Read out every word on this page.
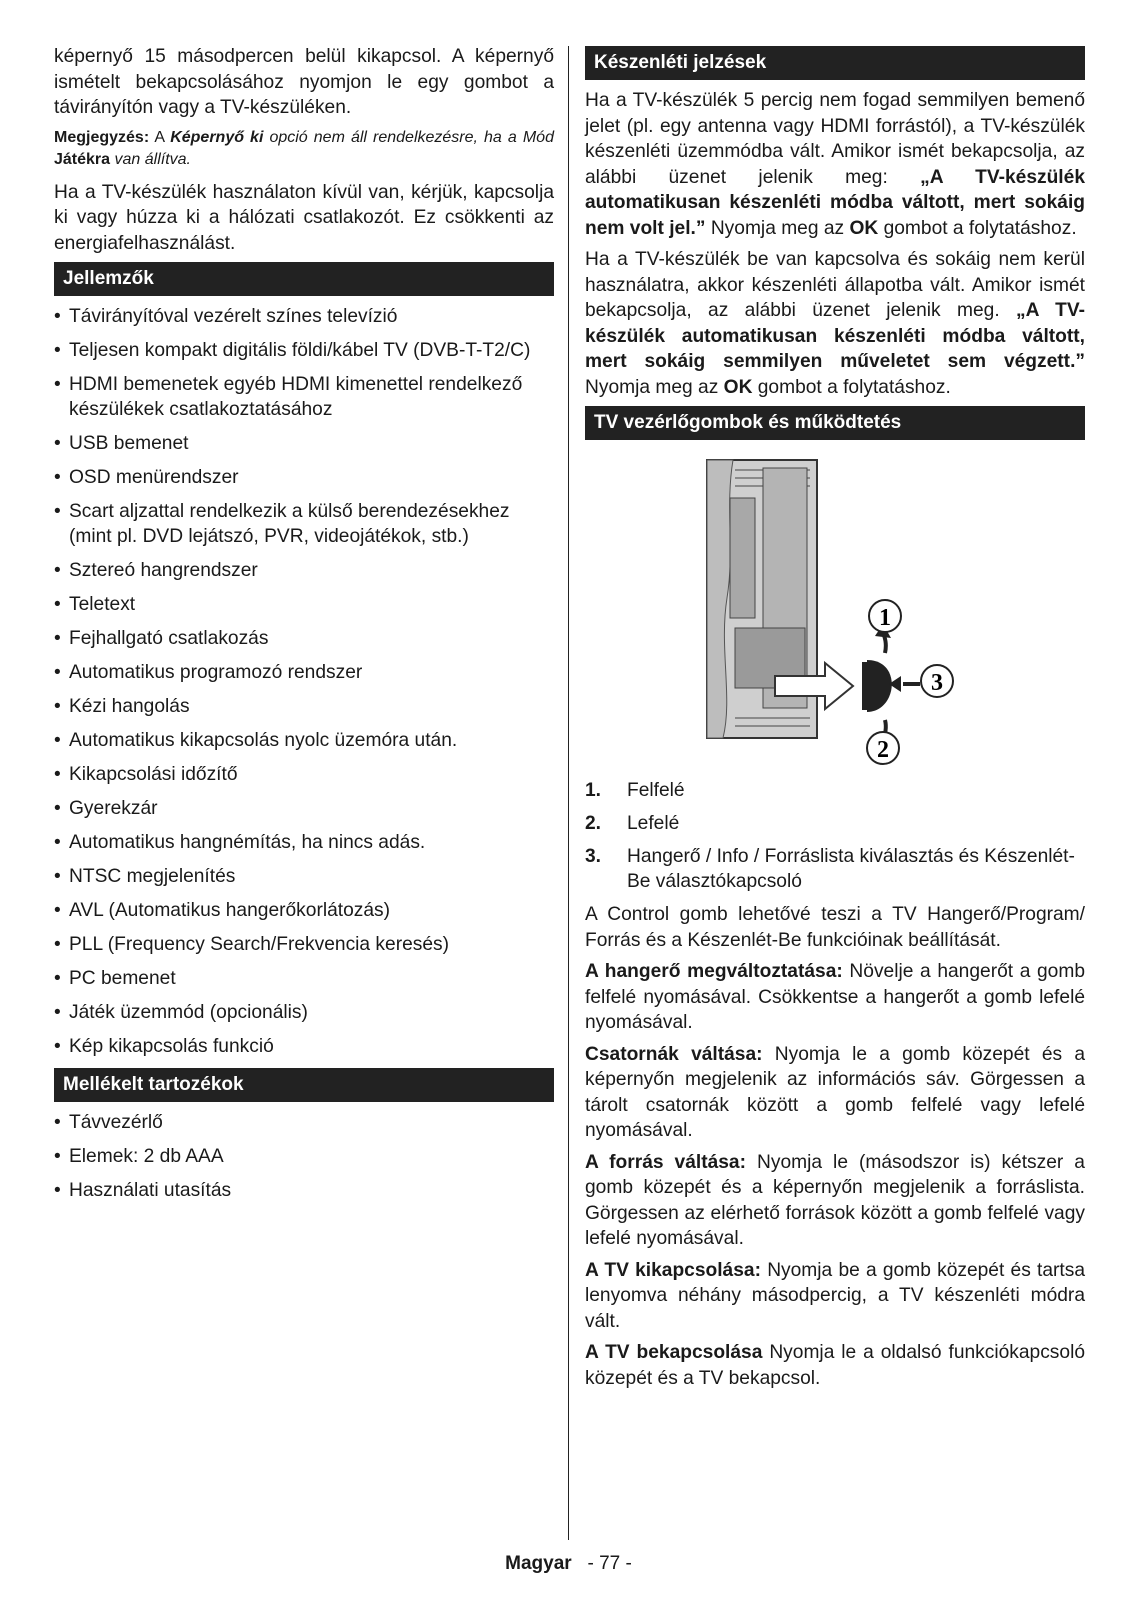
képernyő 15 másodpercen belül kikapcsol. A képernyő ismételt bekapcsolásához nyomjon le egy gombot a távirányítón vagy a TV-készüléken.

Megjegyzés: A Képernyő ki opció nem áll rendelkezésre, ha a Mód Játékra van állítva.

Ha a TV-készülék használaton kívül van, kérjük, kapcsolja ki vagy húzza ki a hálózati csatlakozót. Ez csökkenti az energiafelhasználást.

Jellemzők
• Távirányítóval vezérelt színes televízió
• Teljesen kompakt digitális földi/kábel TV (DVB-T-T2/C)
• HDMI bemenetek egyéb HDMI kimenettel rendelkező készülékek csatlakoztatásához
• USB bemenet
• OSD menürendszer
• Scart aljzattal rendelkezik a külső berendezésekhez (mint pl. DVD lejátszó, PVR, videojátékok, stb.)
• Sztereó hangrendszer
• Teletext
• Fejhallgató csatlakozás
• Automatikus programozó rendszer
• Kézi hangolás
• Automatikus kikapcsolás nyolc üzemóra után.
• Kikapcsolási időzítő
• Gyerekzár
• Automatikus hangnémítás, ha nincs adás.
• NTSC megjelenítés
• AVL (Automatikus hangerőkorlátozás)
• PLL (Frequency Search/Frekvencia keresés)
• PC bemenet
• Játék üzemmód (opcionális)
• Kép kikapcsolás funkció
Mellékelt tartozékok
• Távvezérlő
• Elemek: 2 db AAA
• Használati utasítás
Készenléti jelzések

Ha a TV-készülék 5 percig nem fogad semmilyen bemenő jelet (pl. egy antenna vagy HDMI forrástól), a TV-készülék készenléti üzemmódba vált. Amikor ismét bekapcsolja, az alábbi üzenet jelenik meg: „A TV-készülék automatikusan készenléti módba váltott, mert sokáig nem volt jel.” Nyomja meg az OK gombot a folytatáshoz.

Ha a TV-készülék be van kapcsolva és sokáig nem kerül használatra, akkor készenléti állapotba vált. Amikor ismét bekapcsolja, az alábbi üzenet jelenik meg. „A TV-készülék automatikusan készenléti módba váltott, mert sokáig semmilyen műveletet sem végzett.” Nyomja meg az OK gombot a folytatáshoz.

TV vezérlőgombok és működtetés
1
3
2
1. Felfelé
2. Lefelé
3. Hangerő / Info / Forráslista kiválasztás és Készenlét-Be választókapcsoló

A Control gomb lehetővé teszi a TV Hangerő/Program/ Forrás és a Készenlét-Be funkcióinak beállítását.

A hangerő megváltoztatása: Növelje a hangerőt a gomb felfelé nyomásával. Csökkentse a hangerőt a gomb lefelé nyomásával.

Csatornák váltása: Nyomja le a gomb közepét és a képernyőn megjelenik az információs sáv. Görgessen a tárolt csatornák között a gomb felfelé vagy lefelé nyomásával.

A forrás váltása: Nyomja le (másodszor is) kétszer a gomb közepét és a képernyőn megjelenik a forráslista. Görgessen az elérhető források között a gomb felfelé vagy lefelé nyomásával.

A TV kikapcsolása: Nyomja be a gomb közepét és tartsa lenyomva néhány másodpercig, a TV készenléti módra vált.

A TV bekapcsolása Nyomja le a oldalsó funkciókapcsoló közepét és a TV bekapcsol.

Magyar - 77 -
